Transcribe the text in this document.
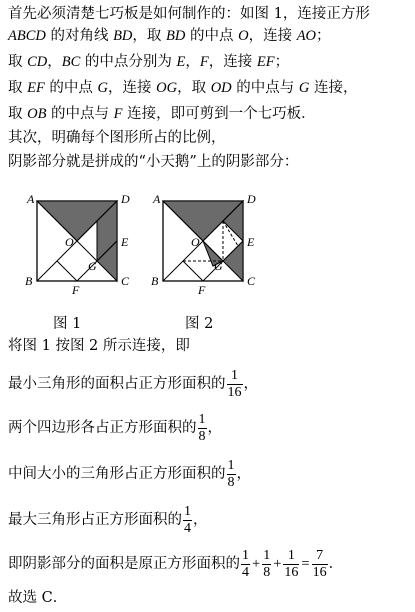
首先必须清楚七巧板是如何制作的：如图 1，连接正方形
ABCD 的对角线 BD，取 BD 的中点 O，连接 AO；
取 CD，BC 的中点分别为 E，F，连接 EF；
取 EF 的中点 G，连接 OG，取 OD 的中点与 G 连接，
取 OB 的中点与 F 连接，即可剪到一个七巧板．
其次，明确每个图形所占的比例，
阴影部分就是拼成的“小天鹅”上的阴影部分：
A	D
B	C
E
F
O
G
图 1
A	D
B	C
E
F
O
G
图 2
将图 1 按图 2 所示连接，即
最小三角形的面积占正方形面积的 $\frac{1}{16}$ ，
两个四边形各占正方形面积的 $\frac{1}{8}$ ，
中间大小的三角形占正方形面积的 $\frac{1}{8}$ ，
最大三角形占正方形面积的 $\frac{1}{4}$ ，
即阴影部分的面积是原正方形面积的 $\frac{1}{4} + \frac{1}{8} + \frac{1}{16} = \frac{7}{16}$ ．
故选 C．
